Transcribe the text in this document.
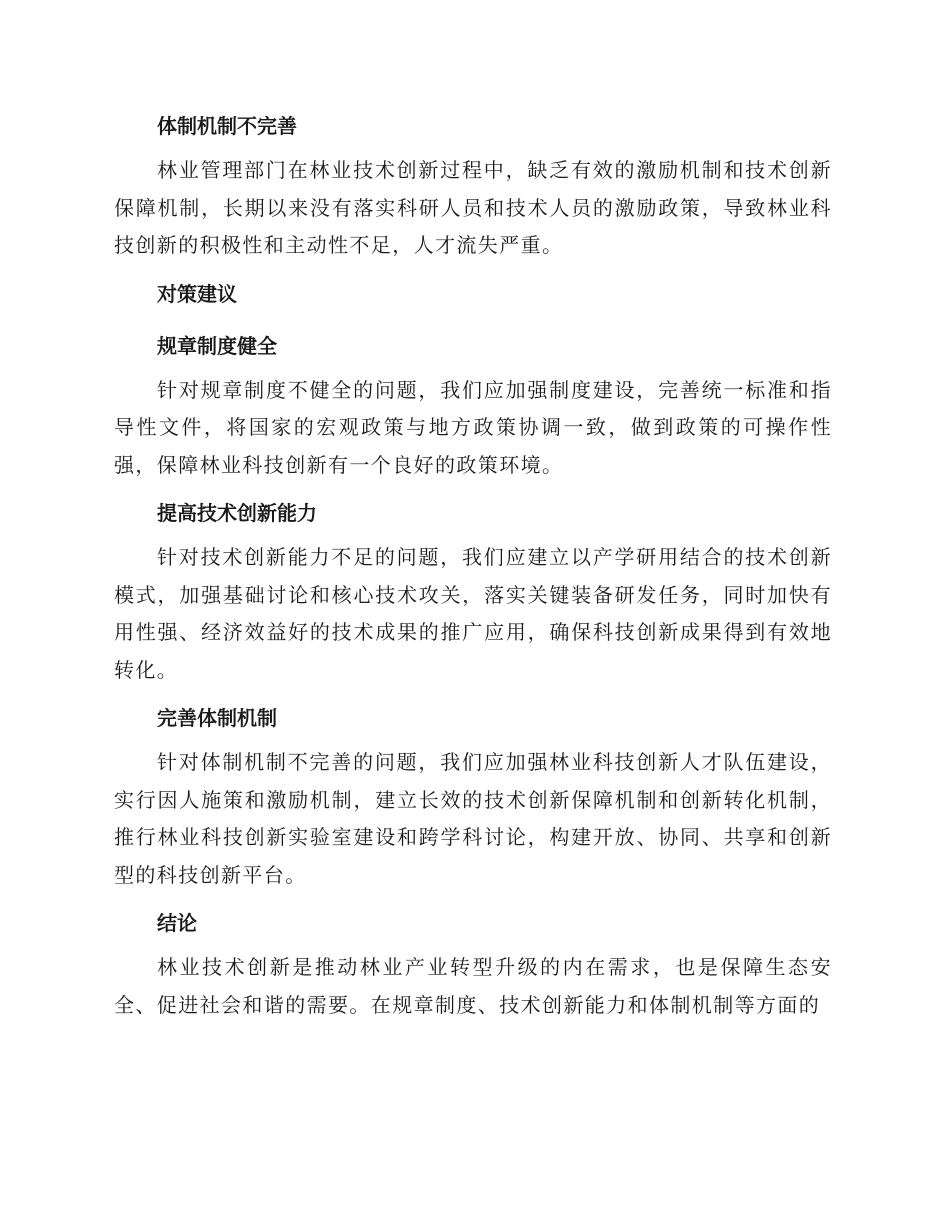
体制机制不完善

林业管理部门在林业技术创新过程中，缺乏有效的激励机制和技术创新保障机制，长期以来没有落实科研人员和技术人员的激励政策，导致林业科技创新的积极性和主动性不足，人才流失严重。

对策建议
规章制度健全

针对规章制度不健全的问题，我们应加强制度建设，完善统一标准和指导性文件，将国家的宏观政策与地方政策协调一致，做到政策的可操作性强，保障林业科技创新有一个良好的政策环境。

提高技术创新能力

针对技术创新能力不足的问题，我们应建立以产学研用结合的技术创新模式，加强基础讨论和核心技术攻关，落实关键装备研发任务，同时加快有用性强、经济效益好的技术成果的推广应用，确保科技创新成果得到有效地转化。

完善体制机制

针对体制机制不完善的问题，我们应加强林业科技创新人才队伍建设，实行因人施策和激励机制，建立长效的技术创新保障机制和创新转化机制，推行林业科技创新实验室建设和跨学科讨论，构建开放、协同、共享和创新型的科技创新平台。

结论

林业技术创新是推动林业产业转型升级的内在需求，也是保障生态安全、促进社会和谐的需要。在规章制度、技术创新能力和体制机制等方面的
